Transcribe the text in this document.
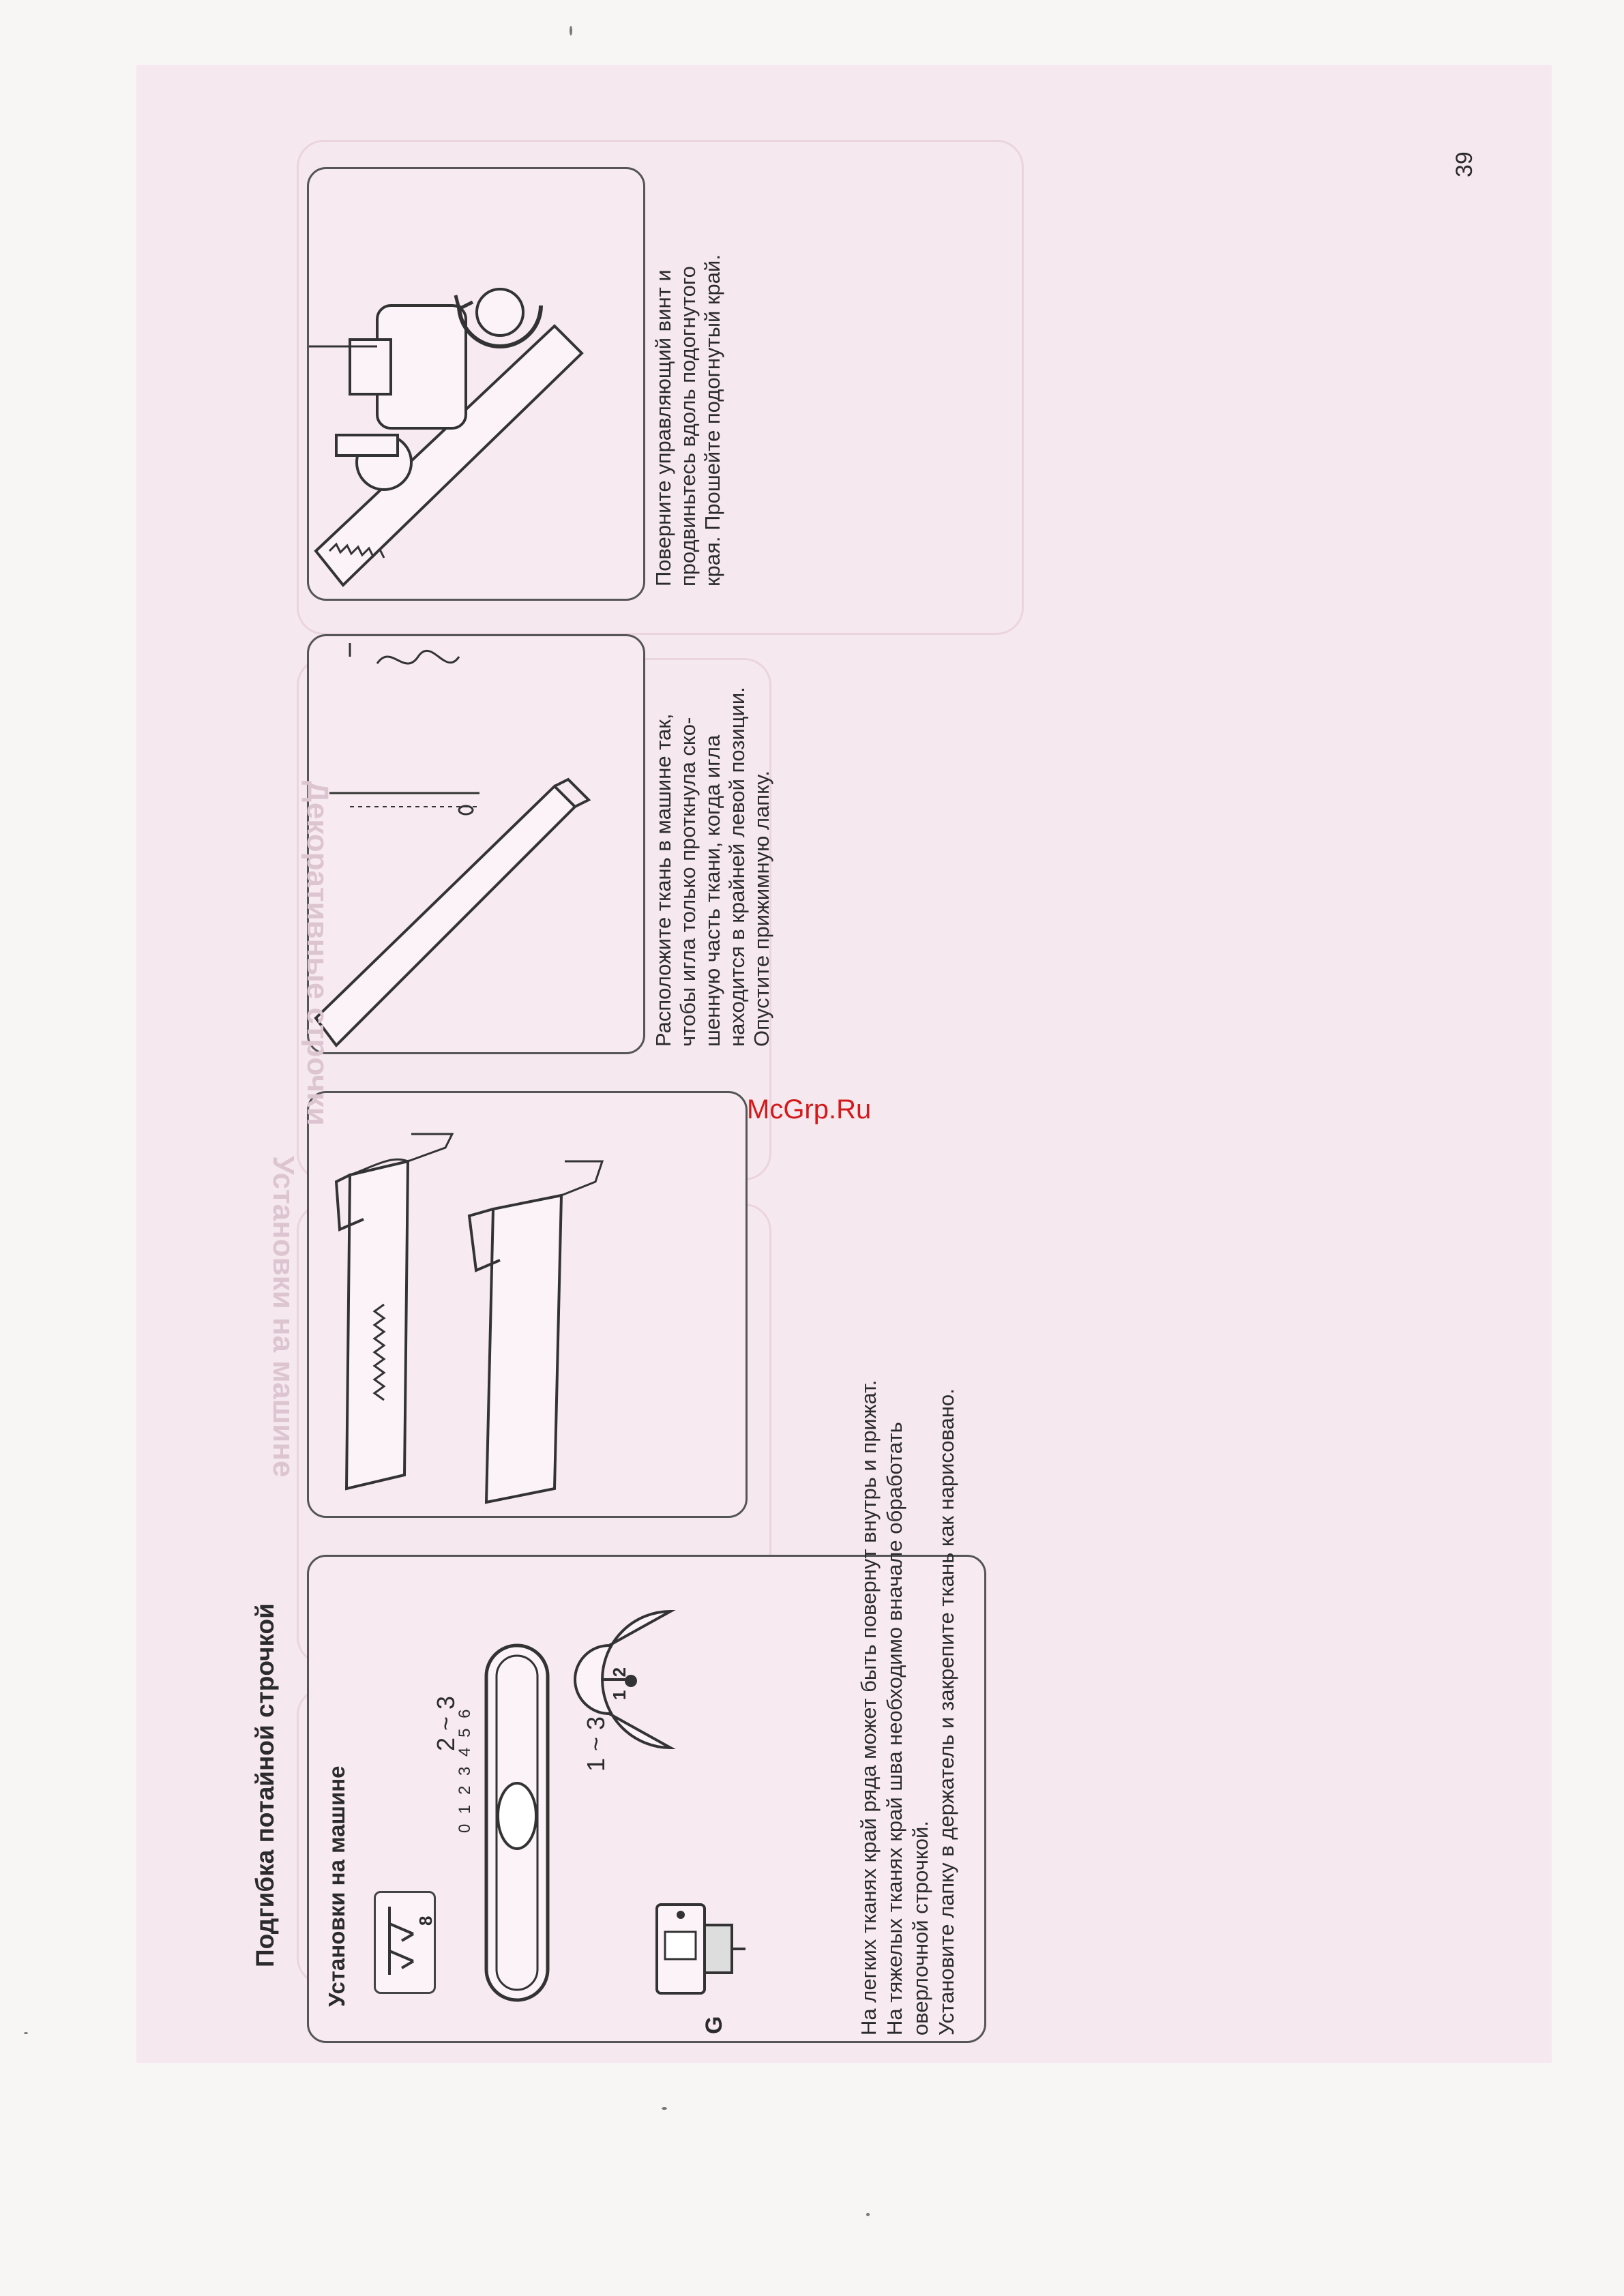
Подгибка потайной строчкой Установки на машине	8
G
2 ~ 3
0 1 2 3 4 5 6
1 2
1 ~ 3
Расположите ткань в машине так,
чтобы игла только проткнула ско-
шенную часть ткани, когда игла
находится в крайней левой позиции.
Опустите прижимную лапку.
Поверните управляющий винт и
продвиньтесь вдоль подогнутого
края. Прошейте подогнутый край.
На легких тканях край ряда может быть повернут внутрь и прижат.
На тяжелых тканях край шва необходимо вначале обработать
оверлочной строчкой.
Установите лапку в держатель и закрепите ткань как нарисовано.
Декоративные строчки
Установки на машине
McGrp.Ru
39
